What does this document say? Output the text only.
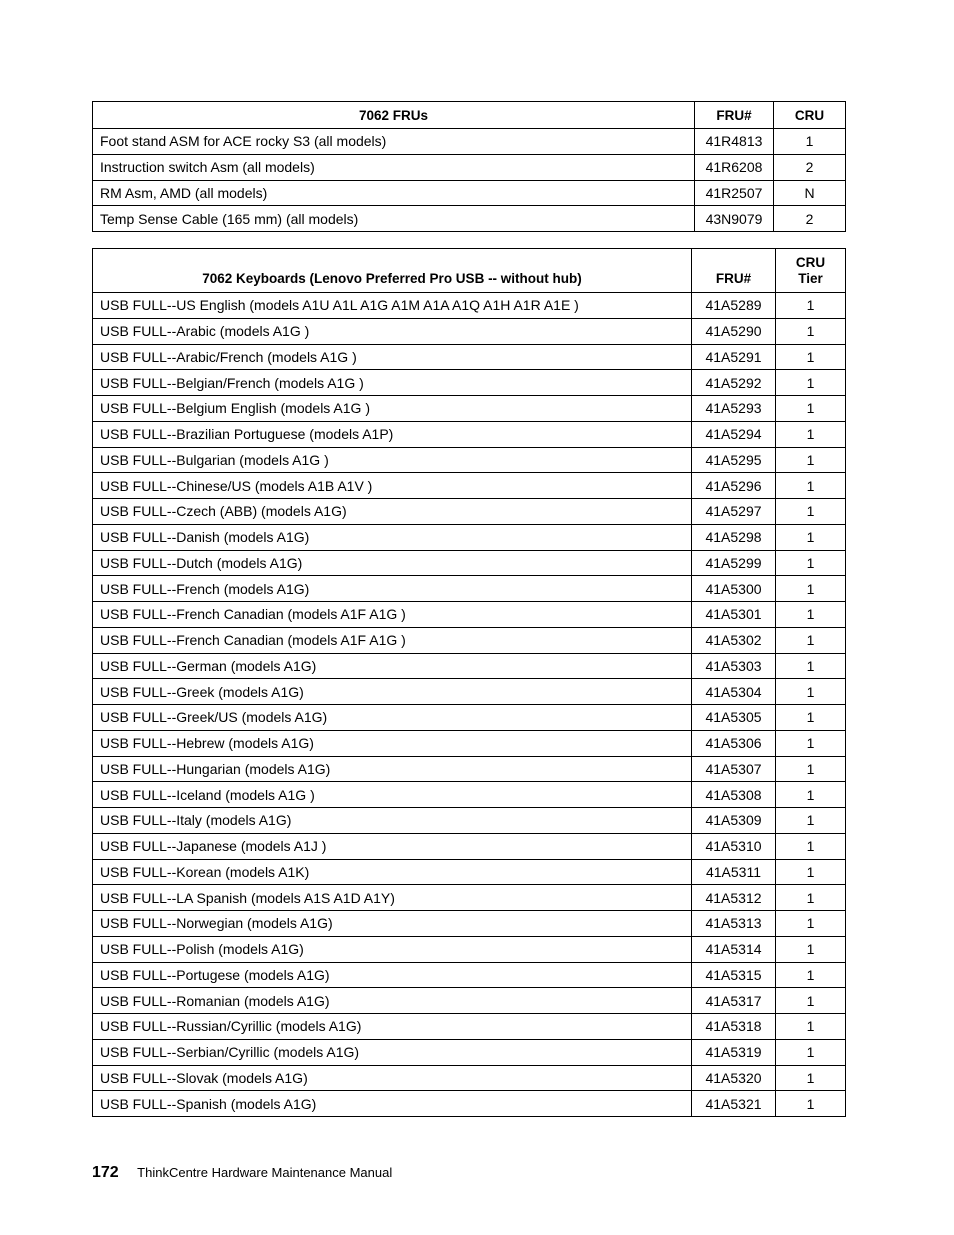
7062 FRUs	FRU#	CRU
Foot stand ASM for ACE rocky S3 (all models)	41R4813	1
Instruction switch Asm (all models)	41R6208	2
RM Asm, AMD (all models)	41R2507	N
Temp Sense Cable (165 mm) (all models)	43N9079	2
7062 Keyboards (Lenovo Preferred Pro USB -- without hub)	FRU#	CRU
Tier
USB FULL--US English (models A1U A1L A1G A1M A1A A1Q A1H A1R A1E )	41A5289	1
USB FULL--Arabic (models A1G )	41A5290	1
USB FULL--Arabic/French (models A1G )	41A5291	1
USB FULL--Belgian/French (models A1G )	41A5292	1
USB FULL--Belgium English (models A1G )	41A5293	1
USB FULL--Brazilian Portuguese (models A1P)	41A5294	1
USB FULL--Bulgarian (models A1G )	41A5295	1
USB FULL--Chinese/US (models A1B A1V )	41A5296	1
USB FULL--Czech (ABB) (models A1G)	41A5297	1
USB FULL--Danish (models A1G)	41A5298	1
USB FULL--Dutch (models A1G)	41A5299	1
USB FULL--French (models A1G)	41A5300	1
USB FULL--French Canadian (models A1F A1G )	41A5301	1
USB FULL--French Canadian (models A1F A1G )	41A5302	1
USB FULL--German (models A1G)	41A5303	1
USB FULL--Greek (models A1G)	41A5304	1
USB FULL--Greek/US (models A1G)	41A5305	1
USB FULL--Hebrew (models A1G)	41A5306	1
USB FULL--Hungarian (models A1G)	41A5307	1
USB FULL--Iceland (models A1G )	41A5308	1
USB FULL--Italy (models A1G)	41A5309	1
USB FULL--Japanese (models A1J )	41A5310	1
USB FULL--Korean (models A1K)	41A5311	1
USB FULL--LA Spanish (models A1S A1D A1Y)	41A5312	1
USB FULL--Norwegian (models A1G)	41A5313	1
USB FULL--Polish (models A1G)	41A5314	1
USB FULL--Portugese (models A1G)	41A5315	1
USB FULL--Romanian (models A1G)	41A5317	1
USB FULL--Russian/Cyrillic (models A1G)	41A5318	1
USB FULL--Serbian/Cyrillic (models A1G)	41A5319	1
USB FULL--Slovak (models A1G)	41A5320	1
USB FULL--Spanish (models A1G)	41A5321	1
172 ThinkCentre Hardware Maintenance Manual
